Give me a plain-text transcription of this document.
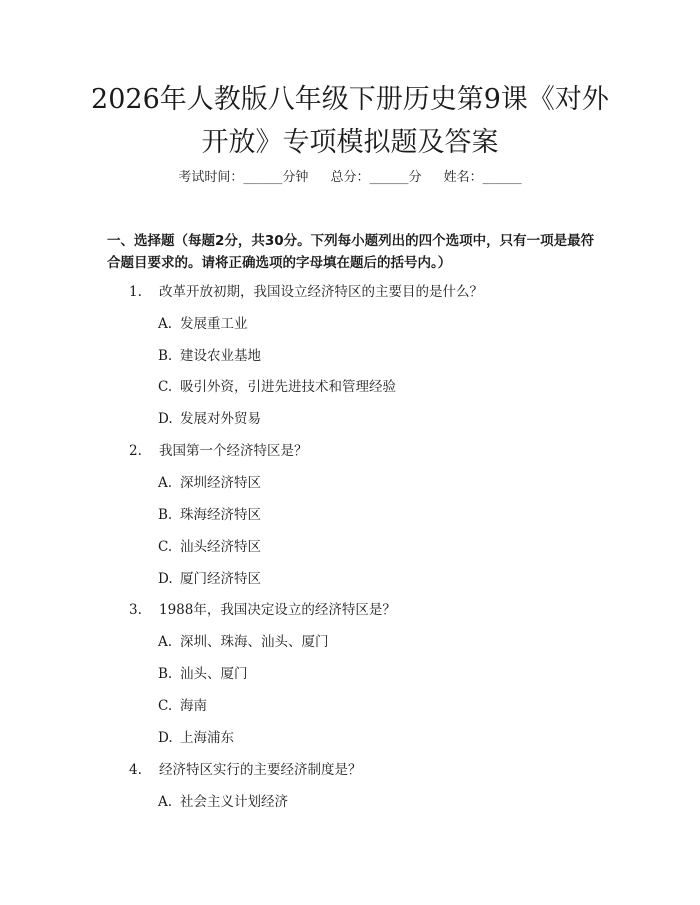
2026年人教版八年级下册历史第9课《对外
开放》专项模拟题及答案
考试时间：______分钟 总分：______分 姓名：______
一、选择题（每题2分，共30分。下列每小题列出的四个选项中，只有一项是最符合题目要求的。请将正确选项的字母填在题后的括号内。）
1. 改革开放初期，我国设立经济特区的主要目的是什么？
A. 发展重工业
B. 建设农业基地
C. 吸引外资，引进先进技术和管理经验
D. 发展对外贸易
2. 我国第一个经济特区是？
A. 深圳经济特区
B. 珠海经济特区
C. 汕头经济特区
D. 厦门经济特区
3. 1988年，我国决定设立的经济特区是？
A. 深圳、珠海、汕头、厦门
B. 汕头、厦门
C. 海南
D. 上海浦东
4. 经济特区实行的主要经济制度是？
A. 社会主义计划经济
